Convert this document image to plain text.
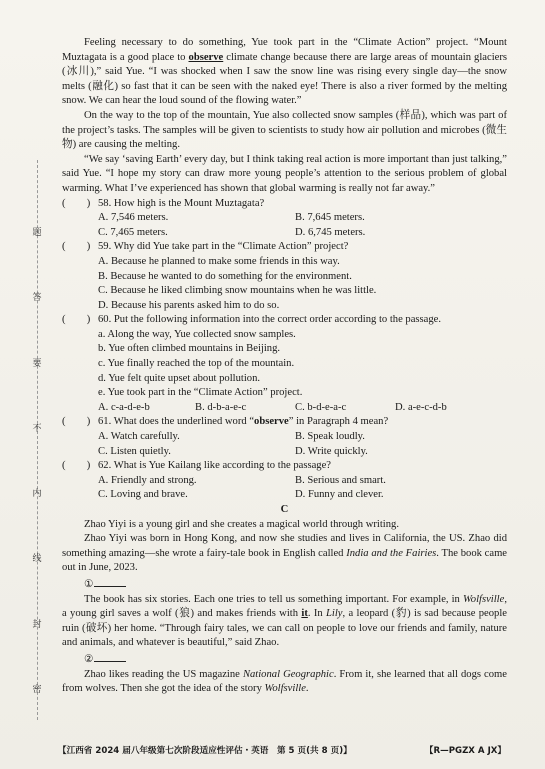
题
答
要
不
内
线
封
密

Feeling necessary to do something, Yue took part in the “Climate Action” project. “Mount Muztagata is a good place to observe climate change because there are large areas of mountain glaciers (冰川),” said Yue. “I was shocked when I saw the snow line was rising every single day—the snow melts (融化) so fast that it can be seen with the naked eye! There is also a river formed by the melting snow. We can hear the loud sound of the flowing water.”

On the way to the top of the mountain, Yue also collected snow samples (样品), which was part of the project’s tasks. The samples will be given to scientists to study how air pollution and microbes (微生物) are causing the melting.

“We say ‘saving Earth’ every day, but I think taking real action is more important than just talking,” said Yue. “I hope my story can draw more young people’s attention to the serious problem of global warming. What I’ve experienced has shown that global warming is really not far away.”

(　　) 58. How high is the Mount Muztagata?
A. 7,546 meters.	B. 7,645 meters.
C. 7,465 meters.	D. 6,745 meters.
(　　) 59. Why did Yue take part in the “Climate Action” project?
A. Because he planned to make some friends in this way.
B. Because he wanted to do something for the environment.
C. Because he liked climbing snow mountains when he was little.
D. Because his parents asked him to do so.
(　　) 60. Put the following information into the correct order according to the passage.
a. Along the way, Yue collected snow samples.
b. Yue often climbed mountains in Beijing.
c. Yue finally reached the top of the mountain.
d. Yue felt quite upset about pollution.
e. Yue took part in the “Climate Action” project.
A. c-a-d-e-b	B. d-b-a-e-c	C. b-d-e-a-c	D. a-e-c-d-b
(　　) 61. What does the underlined word “observe” in Paragraph 4 mean?
A. Watch carefully.	B. Speak loudly.
C. Listen quietly.	D. Write quickly.
(　　) 62. What is Yue Kailang like according to the passage?
A. Friendly and strong.	B. Serious and smart.
C. Loving and brave.	D. Funny and clever.
C

Zhao Yiyi is a young girl and she creates a magical world through writing.

Zhao Yiyi was born in Hong Kong, and now she studies and lives in California, the US. Zhao did something amazing—she wrote a fairy-tale book in English called India and the Fairies. The book came out in June, 2023.

①

The book has six stories. Each one tries to tell us something important. For example, in Wolfsville, a young girl saves a wolf (狼) and makes friends with it. In Lily, a leopard (豹) is sad because people ruin (破坏) her home. “Through fairy tales, we can call on people to love our friends and family, nature and animals, and whatever is beautiful,” said Zhao.

②

Zhao likes reading the US magazine National Geographic. From it, she learned that all dogs come from wolves. Then she got the idea of the story Wolfsville.

【江西省 2024 届八年级第七次阶段适应性评估・英语　第 5 页(共 8 页)】	【R—PGZX A JX】
